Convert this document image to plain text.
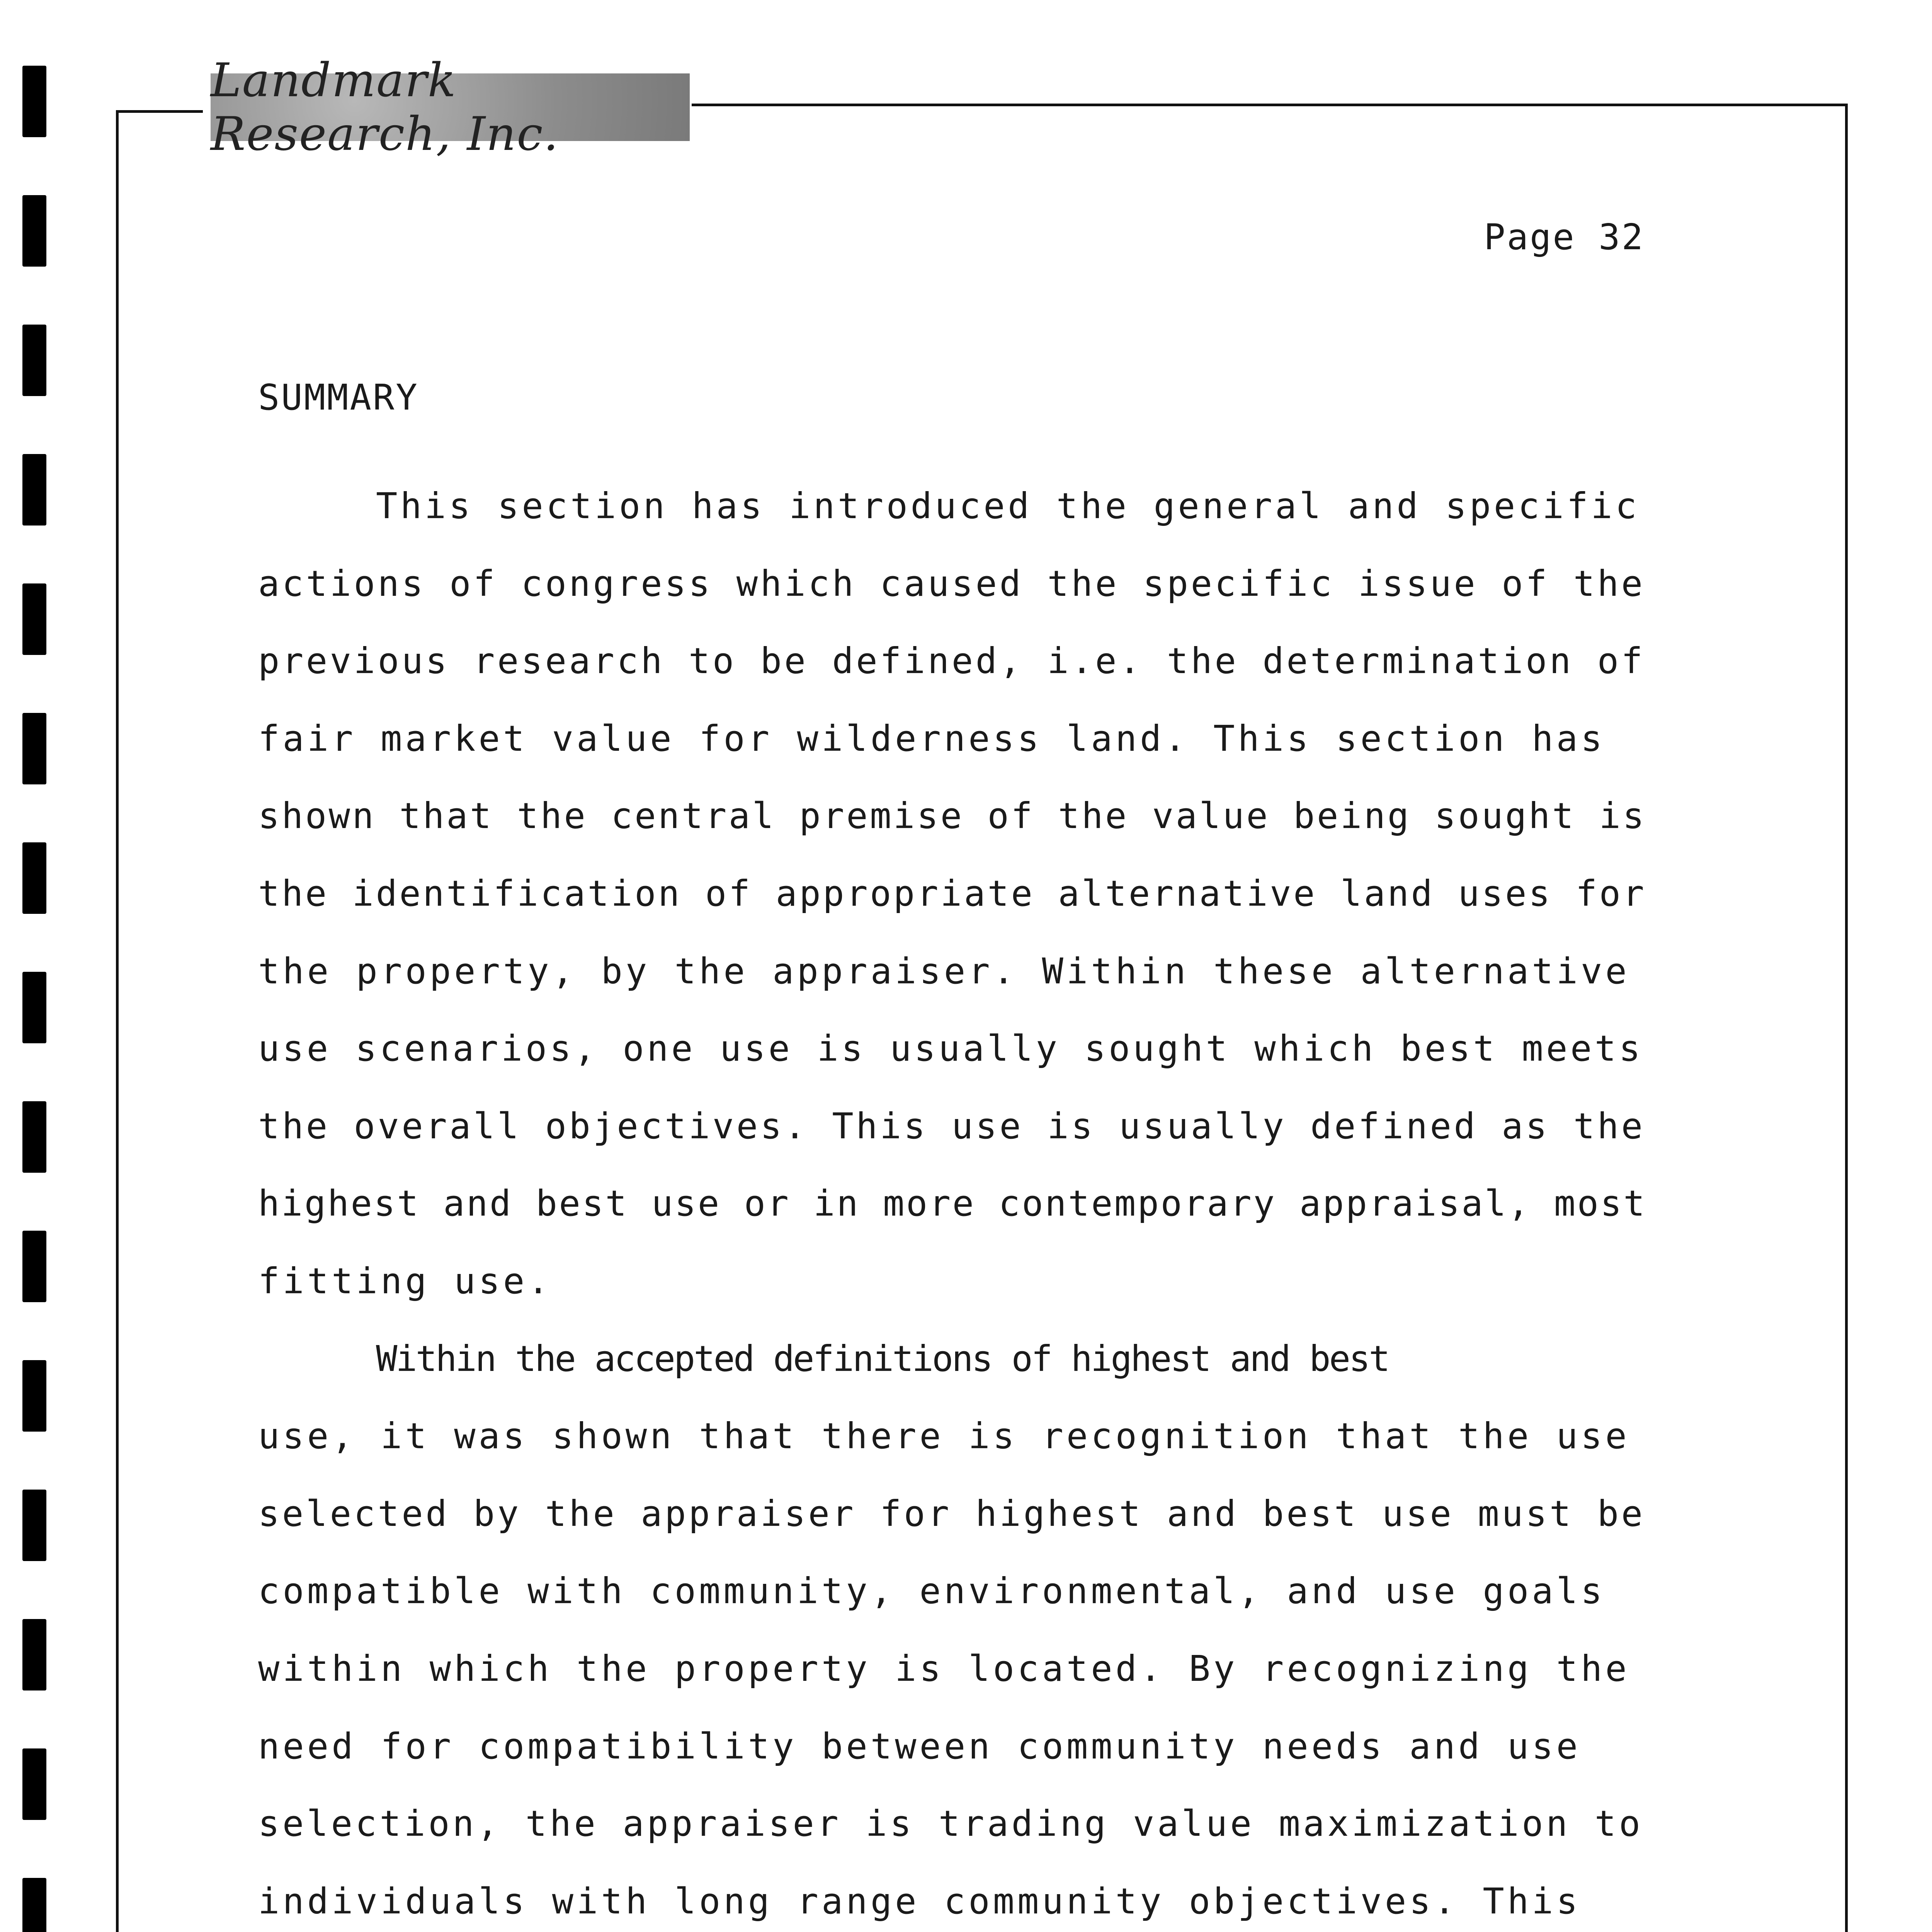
Landmark Research, Inc.
Page 32
SUMMARY
This section has introduced the general and specific
actions of congress which caused the specific issue of the
previous research to be defined, i.e. the determination of
fair market value for wilderness land. This section has
shown that the central premise of the value being sought is
the identification of appropriate alternative land uses for
the property, by the appraiser. Within these alternative
use scenarios, one use is usually sought which best meets
the overall objectives. This use is usually defined as the
highest and best use or in more contemporary appraisal, most
fitting use.
Within the accepted definitions of highest and best
use, it was shown that there is recognition that the use
selected by the appraiser for highest and best use must be
compatible with community, environmental, and use goals
within which the property is located. By recognizing the
need for compatibility between community needs and use
selection, the appraiser is trading value maximization to
individuals with long range community objectives. This
